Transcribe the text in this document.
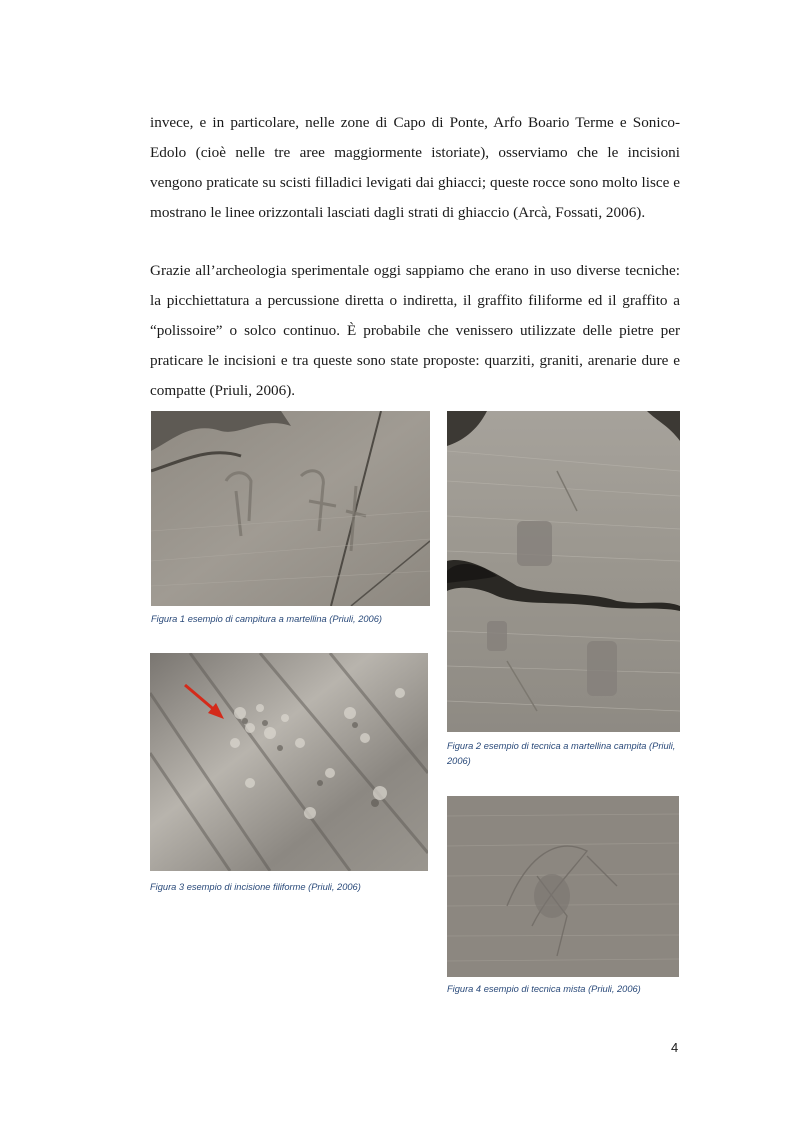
invece, e in particolare, nelle zone di Capo di Ponte, Arfo Boario Terme e Sonico-Edolo (cioè nelle tre aree maggiormente istoriate), osserviamo che le incisioni vengono praticate su scisti filladici levigati dai ghiacci; queste rocce sono molto lisce e mostrano le linee orizzontali lasciati dagli strati di ghiaccio (Arcà, Fossati, 2006).

Grazie all’archeologia sperimentale oggi sappiamo che erano in uso diverse tecniche: la picchiettatura a percussione diretta o indiretta, il graffito filiforme ed il graffito a “polissoire” o solco continuo. È probabile che venissero utilizzate delle pietre per praticare le incisioni e tra queste sono state proposte: quarziti, graniti, arenarie dure e compatte (Priuli, 2006).

Figura 1 esempio di campitura a martellina (Priuli, 2006)

Figura 2 esempio di tecnica a martellina campita (Priuli, 2006)

Figura 3 esempio di incisione filiforme (Priuli, 2006)

Figura 4 esempio di tecnica mista (Priuli, 2006)

4
